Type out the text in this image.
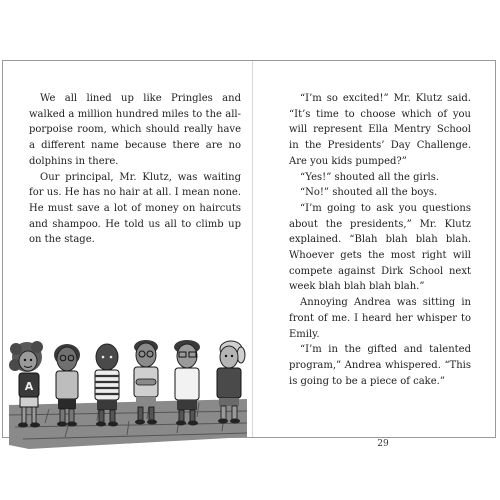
We all lined up like Pringles and walked a million hundred miles to the all-porpoise room, which should really have a different name because there are no dolphins in there.

Our principal, Mr. Klutz, was waiting for us. He has no hair at all. I mean none. He must save a lot of money on haircuts and shampoo. He told us all to climb up on the stage.

A

“I’m so excited!” Mr. Klutz said. “It’s time to choose which of you will represent Ella Mentry School in the Presidents’ Day Challenge. Are you kids pumped?”

“Yes!” shouted all the girls.

“No!” shouted all the boys.

“I’m going to ask you questions about the presidents,” Mr. Klutz explained. “Blah blah blah blah. Whoever gets the most right will compete against Dirk School next week blah blah blah blah.”

Annoying Andrea was sitting in front of me. I heard her whisper to Emily.

“I’m in the gifted and talented program,” Andrea whispered. “This is going to be a piece of cake.”

29
